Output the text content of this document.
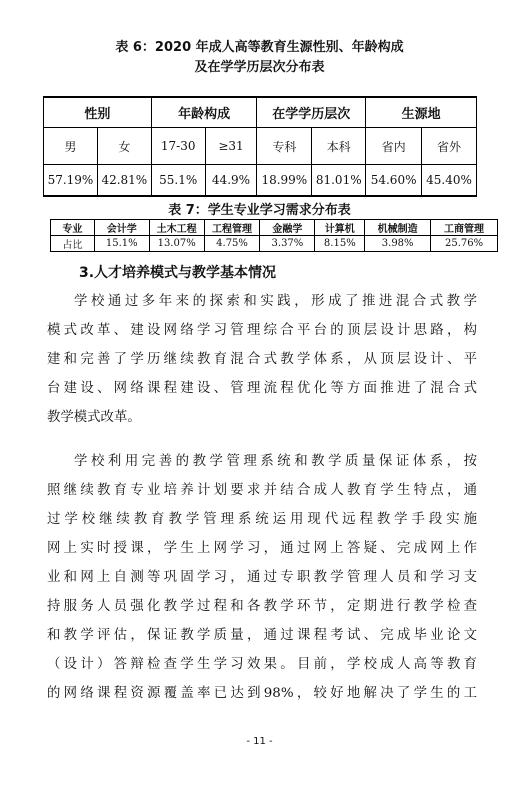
表 6：2020 年成人高等教育生源性别、年龄构成
及在学学历层次分布表
性别		年龄构成		在学学历层次		生源地	
男	女	17-30	≥31	专科	本科	省内	省外
57.19%	42.81%	55.1%	44.9%	18.99%	81.01%	54.60%	45.40%
表 7：学生专业学习需求分布表
专业	会计学	土木工程	工程管理	金融学	计算机	机械制造	工商管理
占比	15.1%	13.07%	4.75%	3.37%	8.15%	3.98%	25.76%
3.人才培养模式与教学基本情况
学校通过多年来的探索和实践，形成了推进混合式教学
模式改革、建设网络学习管理综合平台的顶层设计思路，构
建和完善了学历继续教育混合式教学体系，从顶层设计、平
台建设、网络课程建设、管理流程优化等方面推进了混合式
教学模式改革。
学校利用完善的教学管理系统和教学质量保证体系，按
照继续教育专业培养计划要求并结合成人教育学生特点，通
过学校继续教育教学管理系统运用现代远程教学手段实施
网上实时授课，学生上网学习，通过网上答疑、完成网上作
业和网上自测等巩固学习，通过专职教学管理人员和学习支
持服务人员强化教学过程和各教学环节，定期进行教学检查
和教学评估，保证教学质量，通过课程考试、完成毕业论文
（设计）答辩检查学生学习效果。目前，学校成人高等教育
的网络课程资源覆盖率已达到98%，较好地解决了学生的工
- 11 -
